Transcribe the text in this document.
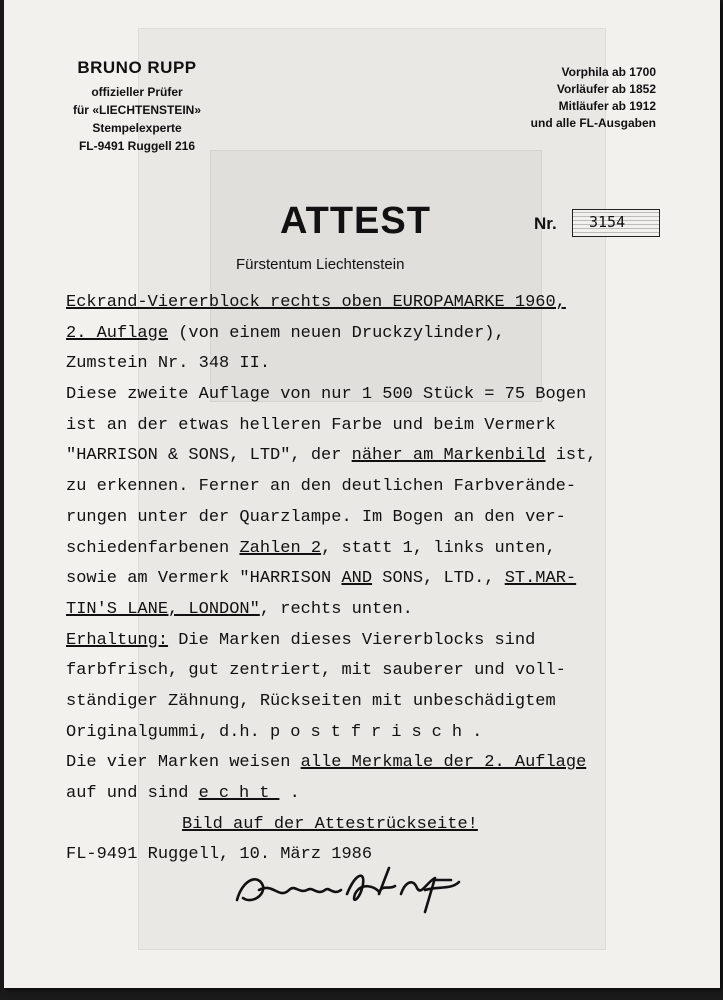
BRUNO RUPP
offizieller Prüfer
für «LIECHTENSTEIN»
Stempelexperte
FL-9491 Ruggell 216
Vorphila ab 1700
Vorläufer ab 1852
Mitläufer ab 1912
und alle FL-Ausgaben
ATTEST	Nr. 3154
Fürstentum Liechtenstein
Eckrand-Viererblock rechts oben EUROPAMARKE 1960,
2. Auflage (von einem neuen Druckzylinder),
Zumstein Nr. 348 II.
Diese zweite Auflage von nur 1 500 Stück = 75 Bogen
ist an der etwas helleren Farbe und beim Vermerk
"HARRISON & SONS, LTD", der näher am Markenbild ist,
zu erkennen. Ferner an den deutlichen Farbverände-
rungen unter der Quarzlampe. Im Bogen an den ver-
schiedenfarbenen Zahlen 2, statt 1, links unten,
sowie am Vermerk "HARRISON AND SONS, LTD., ST.MAR-
TIN'S LANE, LONDON", rechts unten.
Erhaltung: Die Marken dieses Viererblocks sind
farbfrisch, gut zentriert, mit sauberer und voll-
ständiger Zähnung, Rückseiten mit unbeschädigtem
Originalgummi, d.h. postfrisch.
Die vier Marken weisen alle Merkmale der 2. Auflage
auf und sind echt .
Bild auf der Attestrückseite!
FL-9491 Ruggell, 10. März 1986
